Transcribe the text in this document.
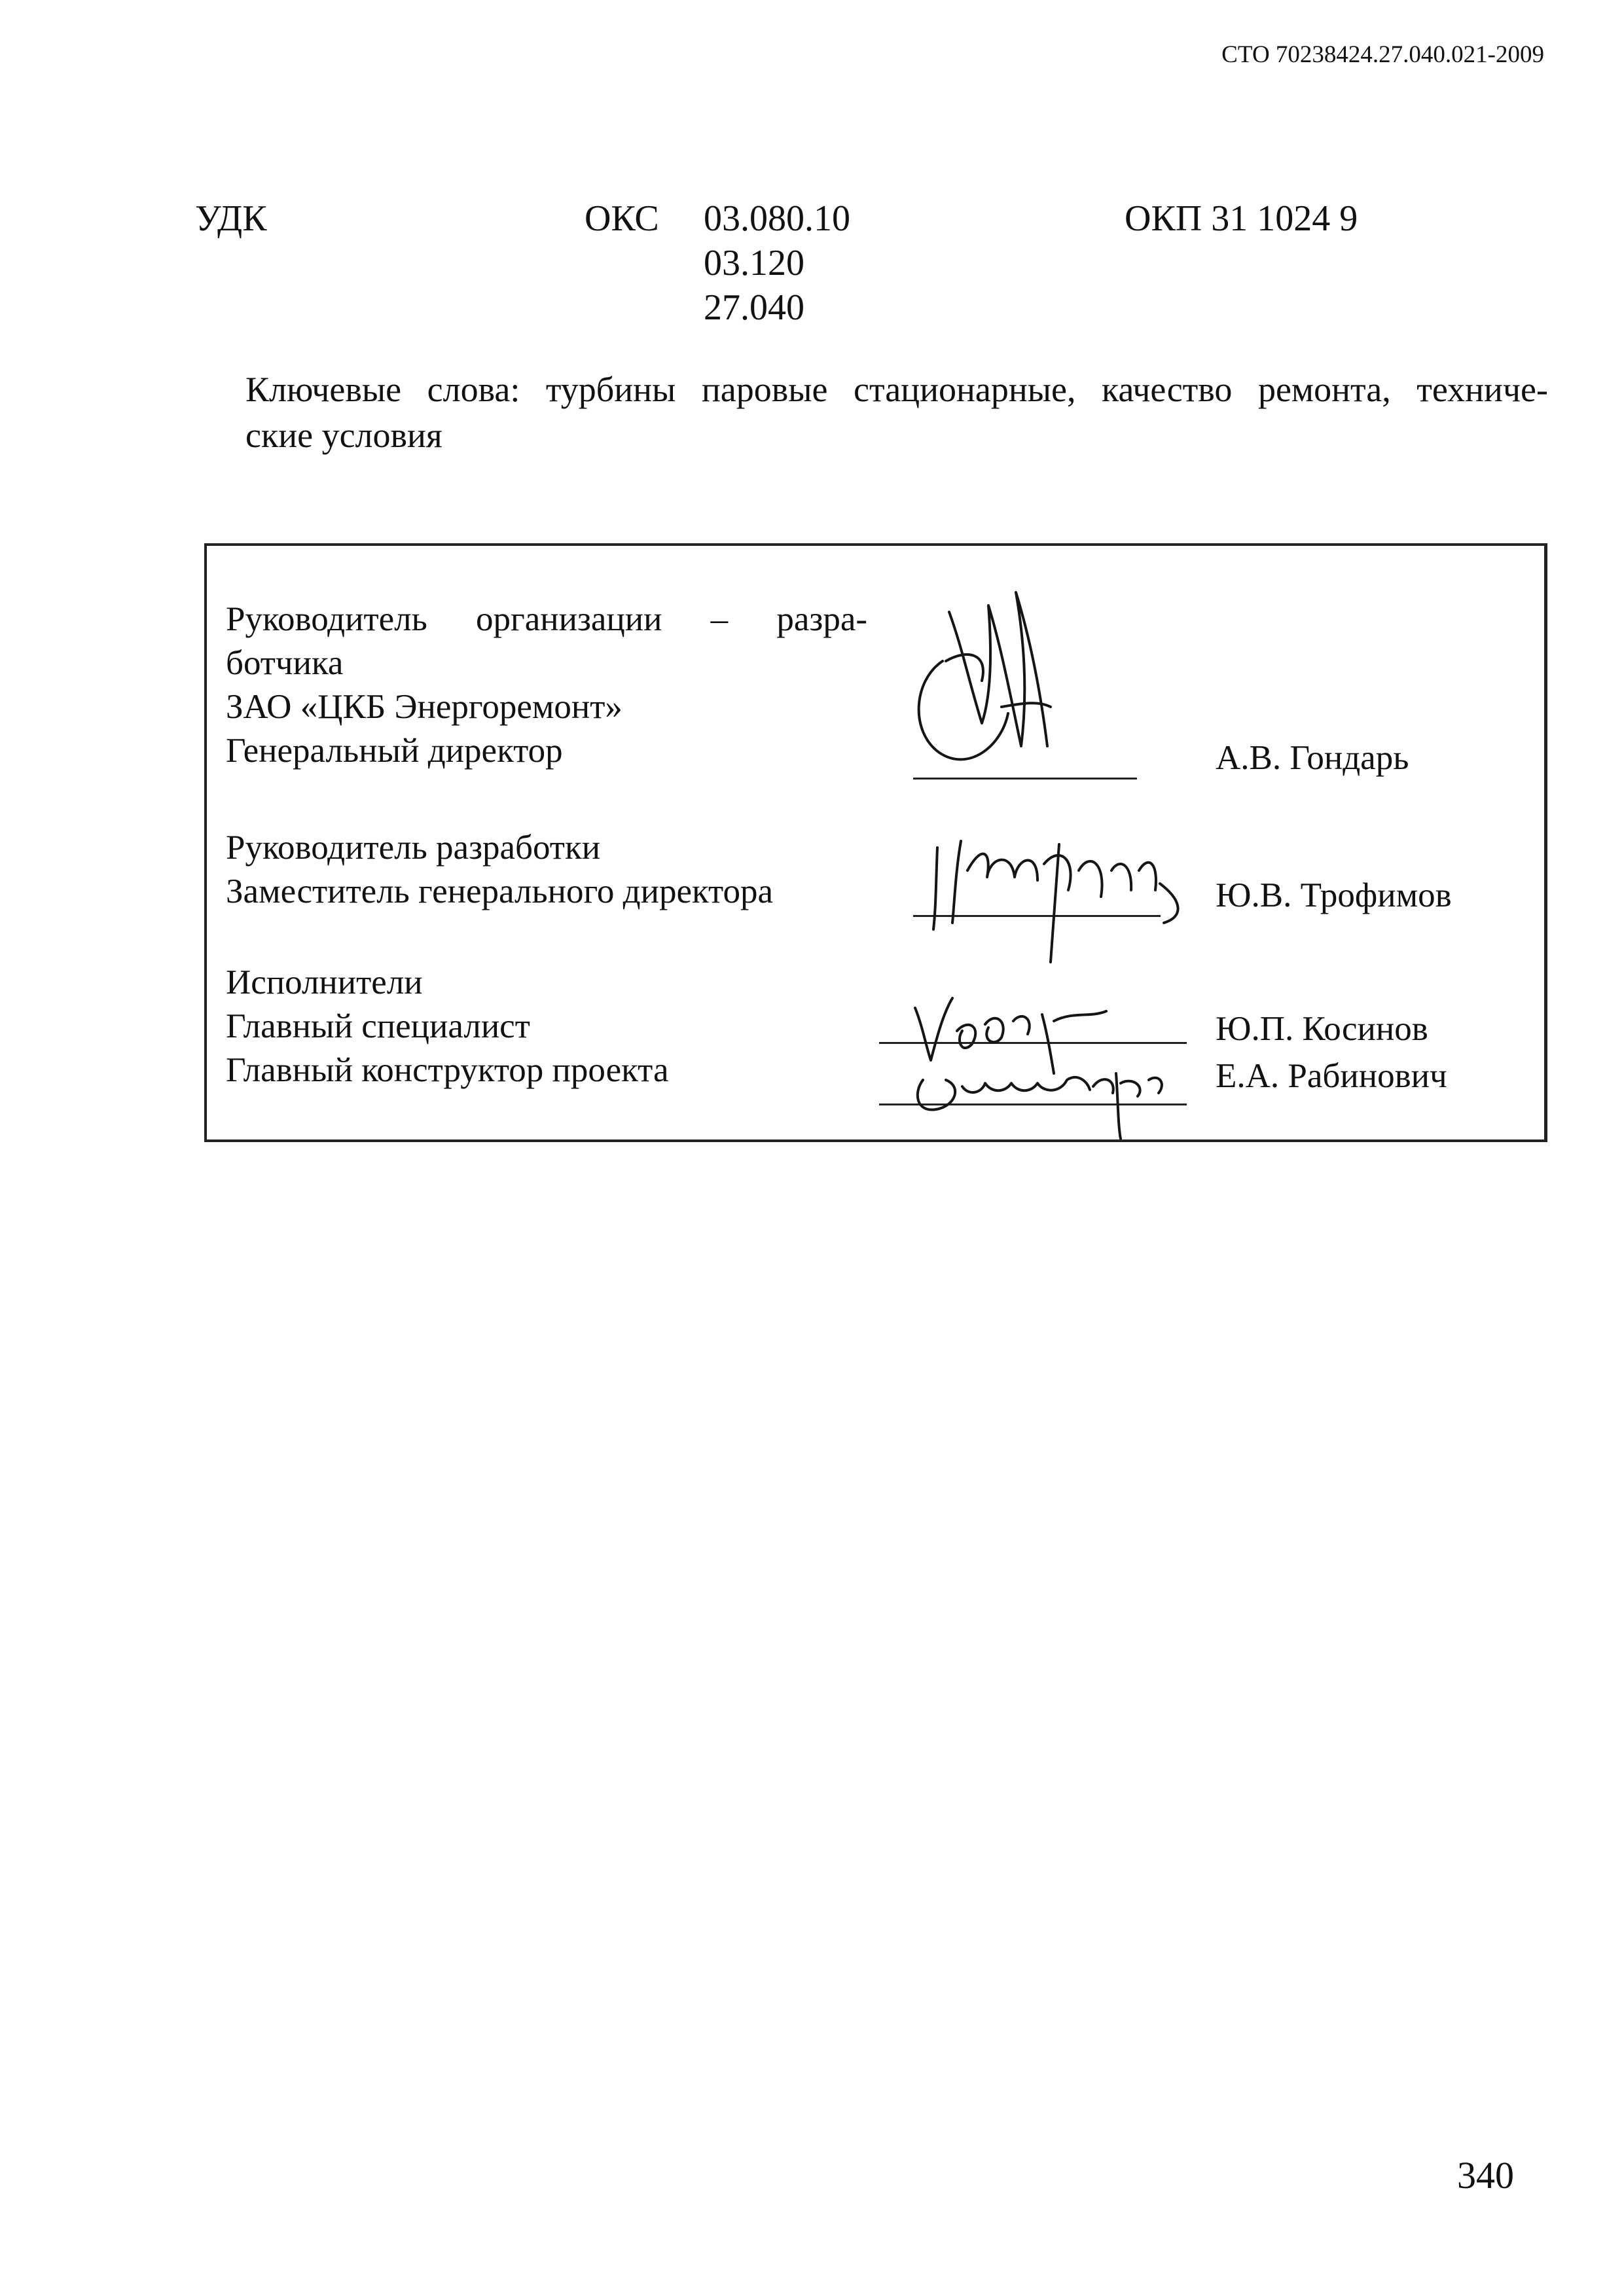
СТО 70238424.27.040.021-2009
УДК	ОКС 03.080.10
03.120
27.040
ОКП 31 1024 9
Ключевые слова: турбины паровые стационарные, качество ремонта, техниче-
ские условия
Руководитель организации – разра-
ботчика
ЗАО «ЦКБ Энергоремонт»
Генеральный директор	А.В. Гондарь
Руководитель разработки
Заместитель генерального директора	Ю.В. Трофимов
Исполнители
Главный специалист
Главный конструктор проекта
Ю.П. Косинов
Е.А. Рабинович
340
